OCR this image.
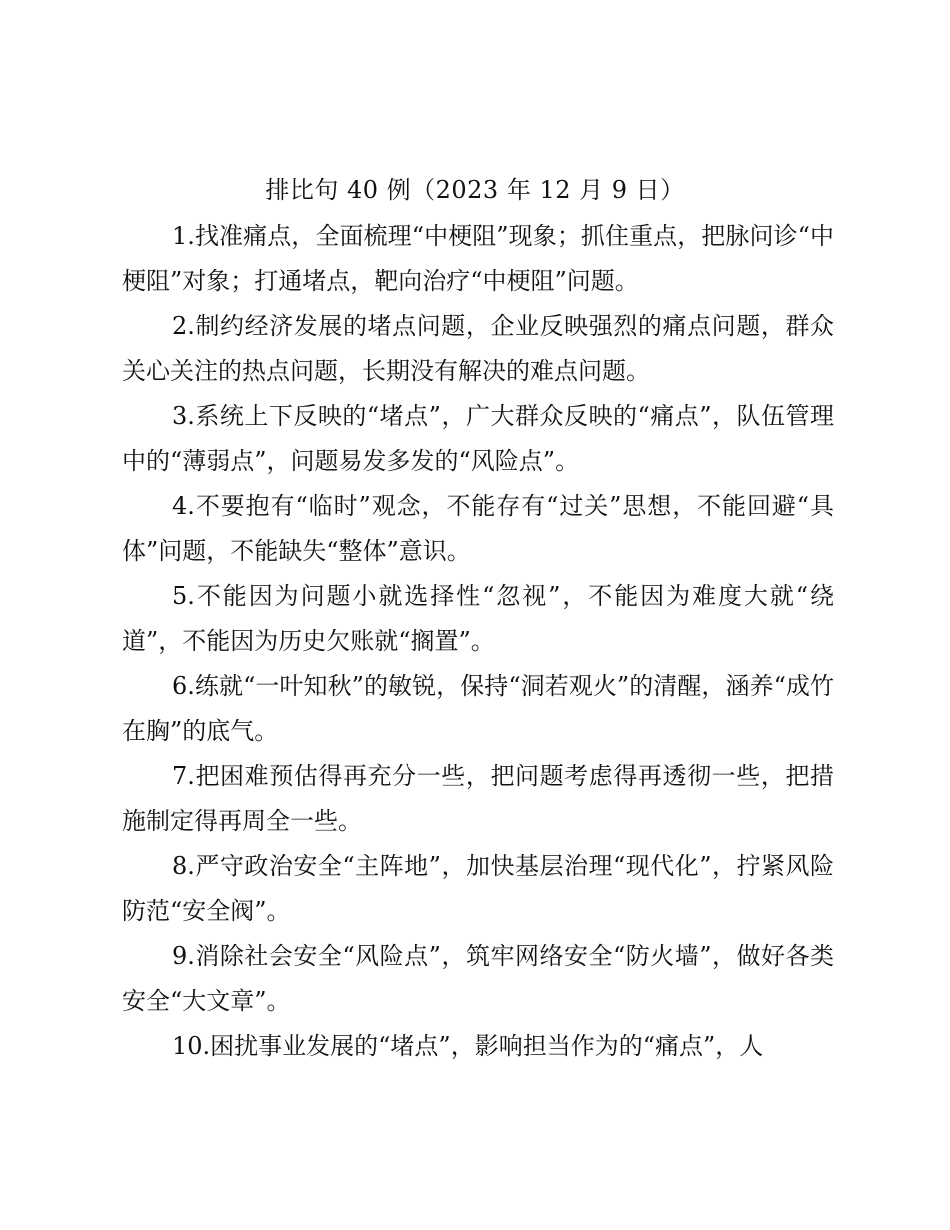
排比句 40 例（2023 年 12 月 9 日）

1.找准痛点，全面梳理“中梗阻”现象；抓住重点，把脉问诊“中梗阻”对象；打通堵点，靶向治疗“中梗阻”问题。

2.制约经济发展的堵点问题，企业反映强烈的痛点问题，群众关心关注的热点问题，长期没有解决的难点问题。

3.系统上下反映的“堵点”，广大群众反映的“痛点”，队伍管理中的“薄弱点”，问题易发多发的“风险点”。

4.不要抱有“临时”观念，不能存有“过关”思想，不能回避“具体”问题，不能缺失“整体”意识。

5.不能因为问题小就选择性“忽视”，不能因为难度大就“绕道”，不能因为历史欠账就“搁置”。

6.练就“一叶知秋”的敏锐，保持“洞若观火”的清醒，涵养“成竹在胸”的底气。

7.把困难预估得再充分一些，把问题考虑得再透彻一些，把措施制定得再周全一些。

8.严守政治安全“主阵地”，加快基层治理“现代化”，拧紧风险防范“安全阀”。

9.消除社会安全“风险点”，筑牢网络安全“防火墙”，做好各类安全“大文章”。

10.困扰事业发展的“堵点”，影响担当作为的“痛点”，人
